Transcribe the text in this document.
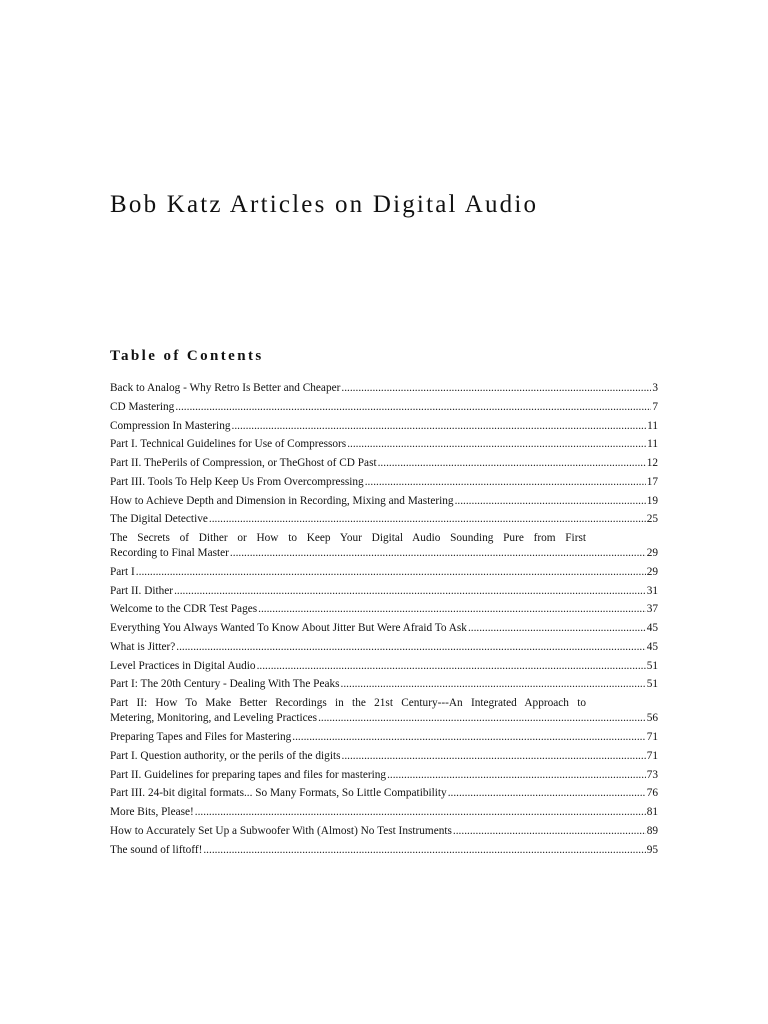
Bob Katz Articles on Digital Audio
Table of Contents
Back to Analog - Why Retro Is Better and Cheaper .....	3
CD Mastering .....	7
Compression In Mastering .....	11
Part I. Technical Guidelines for Use of Compressors .....	11
Part II. ThePerils of Compression, or TheGhost of CD Past .....	12
Part III. Tools To Help Keep Us From Overcompressing .....	17
How to Achieve Depth and Dimension in Recording, Mixing and Mastering .....	19
The Digital Detective .....	25
The Secrets of Dither or How to Keep Your Digital Audio Sounding Pure from First
Recording to Final Master .....	29
Part I .....	29
Part II. Dither .....	31
Welcome to the CDR Test Pages .....	37
Everything You Always Wanted To Know About Jitter But Were Afraid To Ask .....	45
What is Jitter? .....	45
Level Practices in Digital Audio .....	51
Part I: The 20th Century - Dealing With The Peaks .....	51
Part II: How To Make Better Recordings in the 21st Century---An Integrated Approach to
Metering, Monitoring, and Leveling Practices .....	56
Preparing Tapes and Files for Mastering .....	71
Part I. Question authority, or the perils of the digits .....	71
Part II. Guidelines for preparing tapes and files for mastering .....	73
Part III. 24-bit digital formats... So Many Formats, So Little Compatibility .....	76
More Bits, Please! .....	81
How to Accurately Set Up a Subwoofer With (Almost) No Test Instruments .....	89
The sound of liftoff! .....	95
